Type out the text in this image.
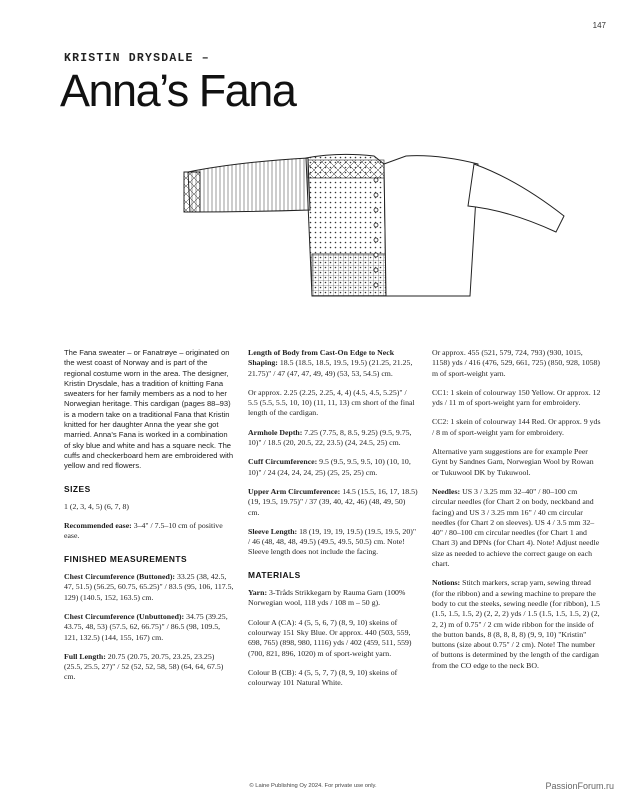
147
KRISTIN DRYSDALE –
Anna’s Fana

The Fana sweater – or Fanatrøye – originated on the west coast of Norway and is part of the regional costume worn in the area. The designer, Kristin Drysdale, has a tradition of knitting Fana sweaters for her family members as a nod to her Norwegian heritage. This cardigan (pages 88–93) is a modern take on a traditional Fana that Kristin knitted for her daughter Anna the year she got married. Anna’s Fana is worked in a combination of sky blue and white and has a square neck. The cuffs and checkerboard hem are embroidered with yellow and red flowers.

SIZES

1 (2, 3, 4, 5) (6, 7, 8)

Recommended ease: 3–4" / 7.5–10 cm of positive ease.

FINISHED MEASUREMENTS

Chest Circumference (Buttoned): 33.25 (38, 42.5, 47, 51.5) (56.25, 60.75, 65.25)" / 83.5 (95, 106, 117.5, 129) (140.5, 152, 163.5) cm.

Chest Circumference (Unbuttoned): 34.75 (39.25, 43.75, 48, 53) (57.5, 62, 66.75)" / 86.5 (98, 109.5, 121, 132.5) (144, 155, 167) cm.

Full Length: 20.75 (20.75, 20.75, 23.25, 23.25) (25.5, 25.5, 27)" / 52 (52, 52, 58, 58) (64, 64, 67.5) cm.

Length of Body from Cast-On Edge to Neck Shaping: 18.5 (18.5, 18.5, 19.5, 19.5) (21.25, 21.25, 21.75)" / 47 (47, 47, 49, 49) (53, 53, 54.5) cm.

Or approx. 2.25 (2.25, 2.25, 4, 4) (4.5, 4.5, 5.25)" / 5.5 (5.5, 5.5, 10, 10) (11, 11, 13) cm short of the final length of the cardigan.

Armhole Depth: 7.25 (7.75, 8, 8.5, 9.25) (9.5, 9.75, 10)" / 18.5 (20, 20.5, 22, 23.5) (24, 24.5, 25) cm.

Cuff Circumference: 9.5 (9.5, 9.5, 9.5, 10) (10, 10, 10)" / 24 (24, 24, 24, 25) (25, 25, 25) cm.

Upper Arm Circumference: 14.5 (15.5, 16, 17, 18.5) (19, 19.5, 19.75)" / 37 (39, 40, 42, 46) (48, 49, 50) cm.

Sleeve Length: 18 (19, 19, 19, 19.5) (19.5, 19.5, 20)" / 46 (48, 48, 48, 49.5) (49.5, 49.5, 50.5) cm. Note! Sleeve length does not include the facing.

MATERIALS

Yarn: 3-Tråds Strikkegarn by Rauma Garn (100% Norwegian wool, 118 yds / 108 m – 50 g).

Colour A (CA): 4 (5, 5, 6, 7) (8, 9, 10) skeins of colourway 151 Sky Blue. Or approx. 440 (503, 559, 698, 765) (898, 980, 1116) yds / 402 (459, 511, 559) (700, 821, 896, 1020) m of sport-weight yarn.

Colour B (CB): 4 (5, 5, 7, 7) (8, 9, 10) skeins of colourway 101 Natural White.

Or approx. 455 (521, 579, 724, 793) (930, 1015, 1158) yds / 416 (476, 529, 661, 725) (850, 928, 1058) m of sport-weight yarn.

CC1: 1 skein of colourway 150 Yellow. Or approx. 12 yds / 11 m of sport-weight yarn for embroidery.

CC2: 1 skein of colourway 144 Red. Or approx. 9 yds / 8 m of sport-weight yarn for embroidery.

Alternative yarn suggestions are for example Peer Gynt by Sandnes Garn, Norwegian Wool by Rowan or Tukuwool DK by Tukuwool.

Needles: US 3 / 3.25 mm 32–40" / 80–100 cm circular needles (for Chart 2 on body, neckband and facing) and US 3 / 3.25 mm 16" / 40 cm circular needles (for Chart 2 on sleeves). US 4 / 3.5 mm 32–40" / 80–100 cm circular needles (for Chart 1 and Chart 3) and DPNs (for Chart 4). Note! Adjust needle size as needed to achieve the correct gauge on each chart.

Notions: Stitch markers, scrap yarn, sewing thread (for the ribbon) and a sewing machine to prepare the body to cut the steeks, sewing needle (for ribbon), 1.5 (1.5, 1.5, 1.5, 2) (2, 2, 2) yds / 1.5 (1.5, 1.5, 1.5, 2) (2, 2, 2) m of 0.75" / 2 cm wide ribbon for the inside of the button bands, 8 (8, 8, 8, 8) (9, 9, 10) "Kristin" buttons (size about 0.75" / 2 cm). Note! The number of buttons is determined by the length of the cardigan from the CO edge to the neck BO.

© Laine Publishing Oy 2024. For private use only.	PassionForum.ru
